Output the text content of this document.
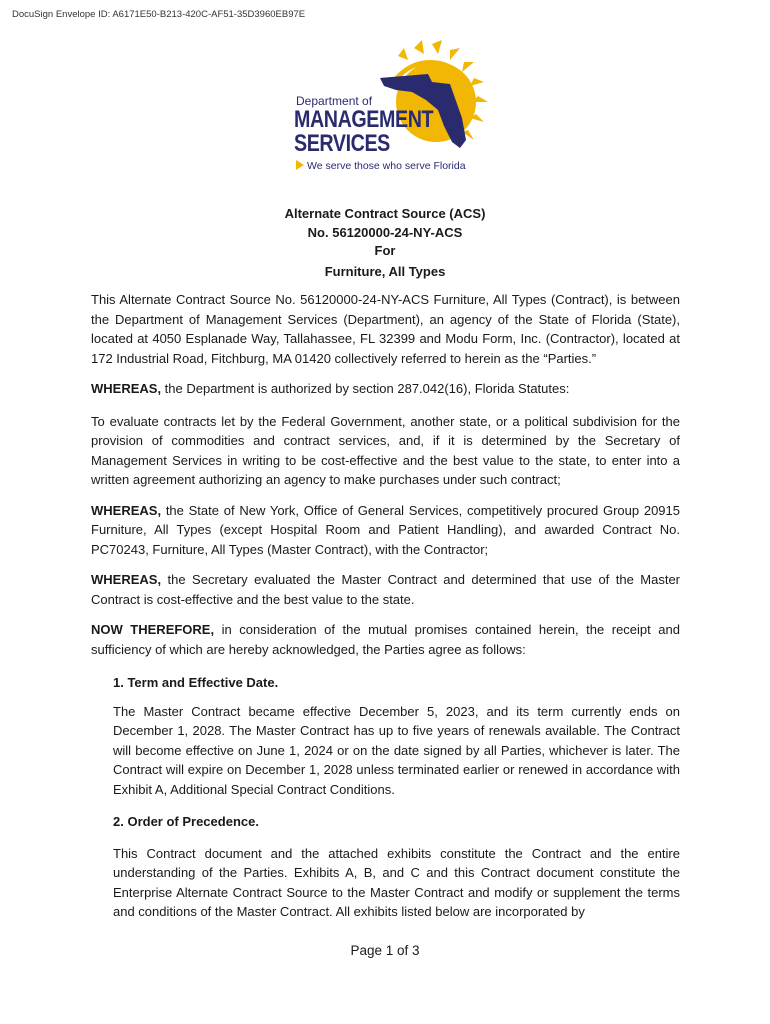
DocuSign Envelope ID: A6171E50-B213-420C-AF51-35D3960EB97E
Department of
MANAGEMENT
SERVICES
We serve those who serve Florida
Alternate Contract Source (ACS)
No. 56120000-24-NY-ACS
For
Furniture, All Types

This Alternate Contract Source No. 56120000-24-NY-ACS Furniture, All Types (Contract), is between the Department of Management Services (Department), an agency of the State of Florida (State), located at 4050 Esplanade Way, Tallahassee, FL 32399 and Modu Form, Inc. (Contractor), located at 172 Industrial Road, Fitchburg, MA 01420 collectively referred to herein as the “Parties.”

WHEREAS, the Department is authorized by section 287.042(16), Florida Statutes:

To evaluate contracts let by the Federal Government, another state, or a political subdivision for the provision of commodities and contract services, and, if it is determined by the Secretary of Management Services in writing to be cost-effective and the best value to the state, to enter into a written agreement authorizing an agency to make purchases under such contract;

WHEREAS, the State of New York, Office of General Services, competitively procured Group 20915 Furniture, All Types (except Hospital Room and Patient Handling), and awarded Contract No. PC70243, Furniture, All Types (Master Contract), with the Contractor;

WHEREAS, the Secretary evaluated the Master Contract and determined that use of the Master Contract is cost-effective and the best value to the state.

NOW THEREFORE, in consideration of the mutual promises contained herein, the receipt and sufficiency of which are hereby acknowledged, the Parties agree as follows:

1. Term and Effective Date.

The Master Contract became effective December 5, 2023, and its term currently ends on December 1, 2028. The Master Contract has up to five years of renewals available. The Contract will become effective on June 1, 2024 or on the date signed by all Parties, whichever is later. The Contract will expire on December 1, 2028 unless terminated earlier or renewed in accordance with Exhibit A, Additional Special Contract Conditions.

2. Order of Precedence.

This Contract document and the attached exhibits constitute the Contract and the entire understanding of the Parties. Exhibits A, B, and C and this Contract document constitute the Enterprise Alternate Contract Source to the Master Contract and modify or supplement the terms and conditions of the Master Contract. All exhibits listed below are incorporated by

Page 1 of 3
